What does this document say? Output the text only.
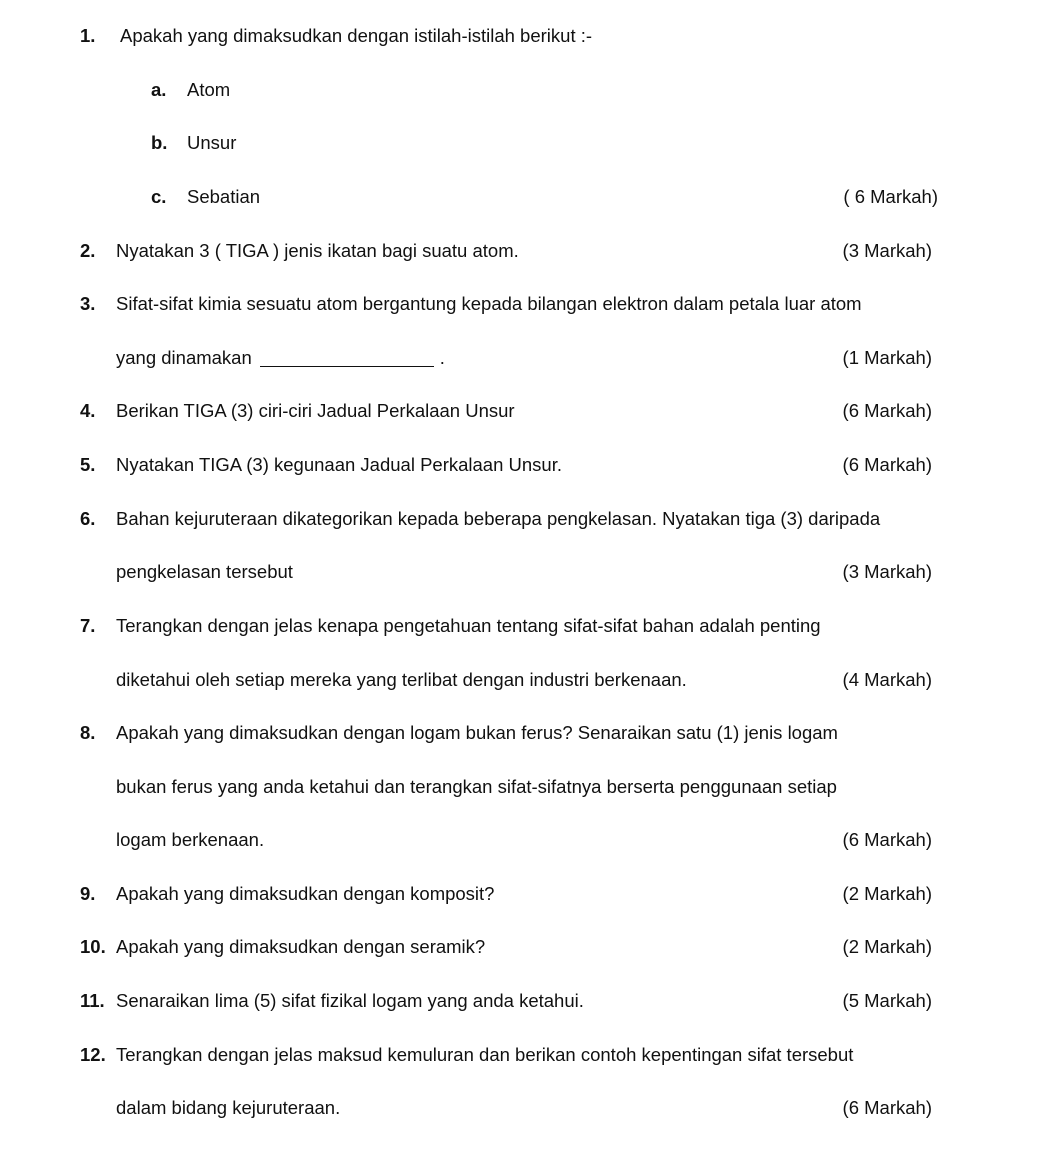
1. Apakah yang dimaksudkan dengan istilah-istilah berikut :-
a. Atom
b. Unsur
c. Sebatian	( 6 Markah)
2. Nyatakan 3 ( TIGA ) jenis ikatan bagi suatu atom.	(3 Markah)
3. Sifat-sifat kimia sesuatu atom bergantung kepada bilangan elektron dalam petala luar atom
yang dinamakan	.	(1 Markah)
4. Berikan TIGA (3) ciri-ciri Jadual Perkalaan Unsur	(6 Markah)
5. Nyatakan TIGA (3) kegunaan Jadual Perkalaan Unsur.	(6 Markah)
6. Bahan kejuruteraan dikategorikan kepada beberapa pengkelasan. Nyatakan tiga (3) daripada
pengkelasan tersebut	(3 Markah)
7. Terangkan dengan jelas kenapa pengetahuan tentang sifat-sifat bahan adalah penting
diketahui oleh setiap mereka yang terlibat dengan industri berkenaan.	(4 Markah)
8. Apakah yang dimaksudkan dengan logam bukan ferus? Senaraikan satu (1) jenis logam
bukan ferus yang anda ketahui dan terangkan sifat-sifatnya berserta penggunaan setiap
logam berkenaan.	(6 Markah)
9. Apakah yang dimaksudkan dengan komposit?	(2 Markah)
10. Apakah yang dimaksudkan dengan seramik?	(2 Markah)
11. Senaraikan lima (5) sifat fizikal logam yang anda ketahui.	(5 Markah)
12. Terangkan dengan jelas maksud kemuluran dan berikan contoh kepentingan sifat tersebut
dalam bidang kejuruteraan.	(6 Markah)
